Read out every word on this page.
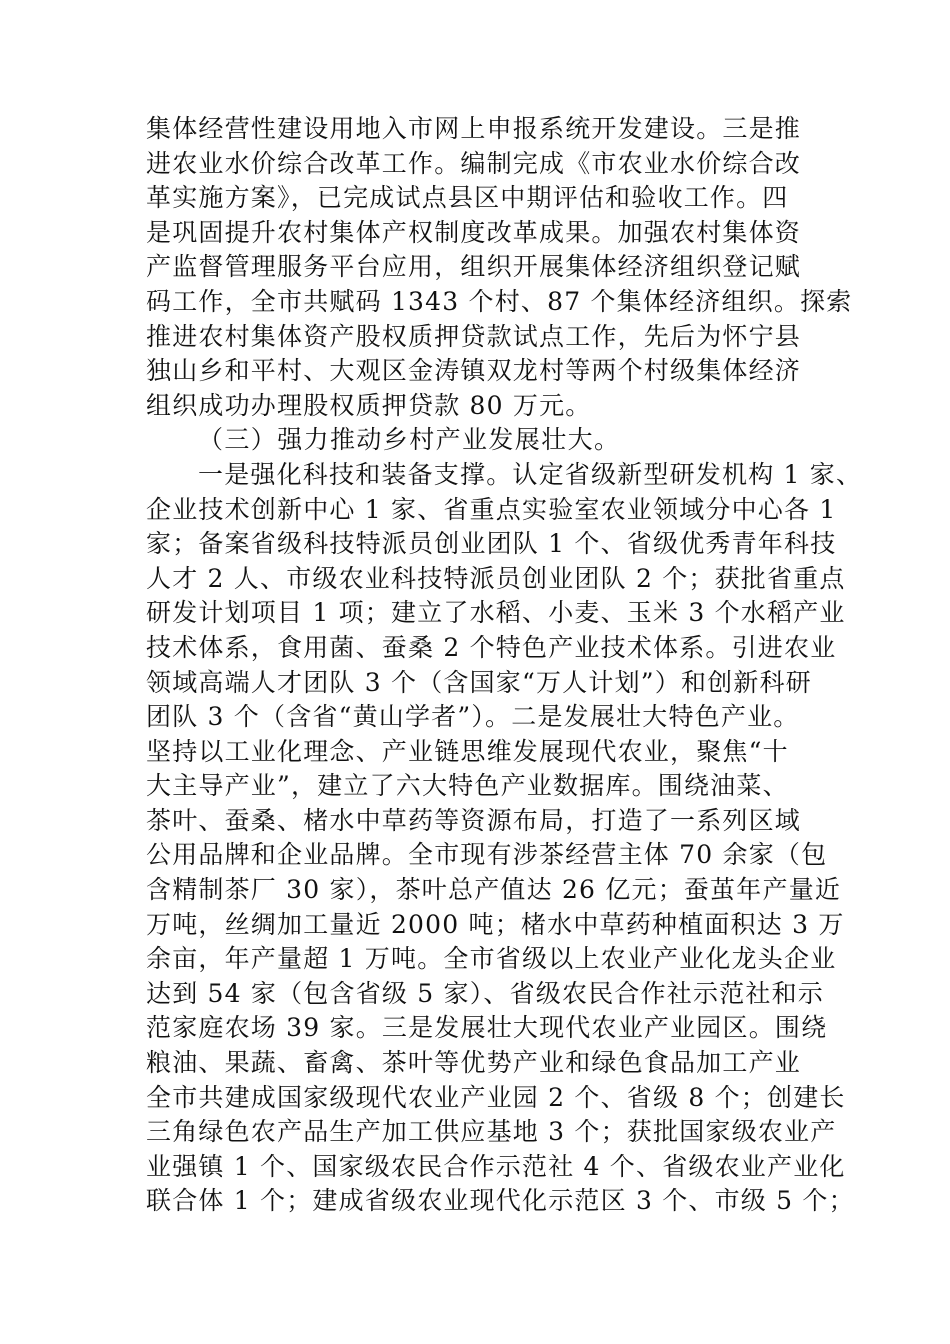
集体经营性建设用地入市网上申报系统开发建设。三是推
进农业水价综合改革工作。编制完成《市农业水价综合改
革实施方案》，已完成试点县区中期评估和验收工作。四
是巩固提升农村集体产权制度改革成果。加强农村集体资
产监督管理服务平台应用，组织开展集体经济组织登记赋
码工作，全市共赋码 1343 个村、87 个集体经济组织。探索
推进农村集体资产股权质押贷款试点工作，先后为怀宁县
独山乡和平村、大观区金涛镇双龙村等两个村级集体经济
组织成功办理股权质押贷款 80 万元。
（三）强力推动乡村产业发展壮大。
一是强化科技和装备支撑。认定省级新型研发机构 1 家、
企业技术创新中心 1 家、省重点实验室农业领域分中心各 1
家；备案省级科技特派员创业团队 1 个、省级优秀青年科技
人才 2 人、市级农业科技特派员创业团队 2 个；获批省重点
研发计划项目 1 项；建立了水稻、小麦、玉米 3 个水稻产业
技术体系，食用菌、蚕桑 2 个特色产业技术体系。引进农业
领域高端人才团队 3 个（含国家“万人计划”）和创新科研
团队 3 个（含省“黄山学者”）。二是发展壮大特色产业。
坚持以工业化理念、产业链思维发展现代农业，聚焦“十
大主导产业”，建立了六大特色产业数据库。围绕油菜、
茶叶、蚕桑、楮水中草药等资源布局，打造了一系列区域
公用品牌和企业品牌。全市现有涉茶经营主体 70 余家（包
含精制茶厂 30 家），茶叶总产值达 26 亿元；蚕茧年产量近
万吨，丝绸加工量近 2000 吨；楮水中草药种植面积达 3 万
余亩，年产量超 1 万吨。全市省级以上农业产业化龙头企业
达到 54 家（包含省级 5 家）、省级农民合作社示范社和示
范家庭农场 39 家。三是发展壮大现代农业产业园区。围绕
粮油、果蔬、畜禽、茶叶等优势产业和绿色食品加工产业
全市共建成国家级现代农业产业园 2 个、省级 8 个；创建长
三角绿色农产品生产加工供应基地 3 个；获批国家级农业产
业强镇 1 个、国家级农民合作示范社 4 个、省级农业产业化
联合体 1 个；建成省级农业现代化示范区 3 个、市级 5 个；
